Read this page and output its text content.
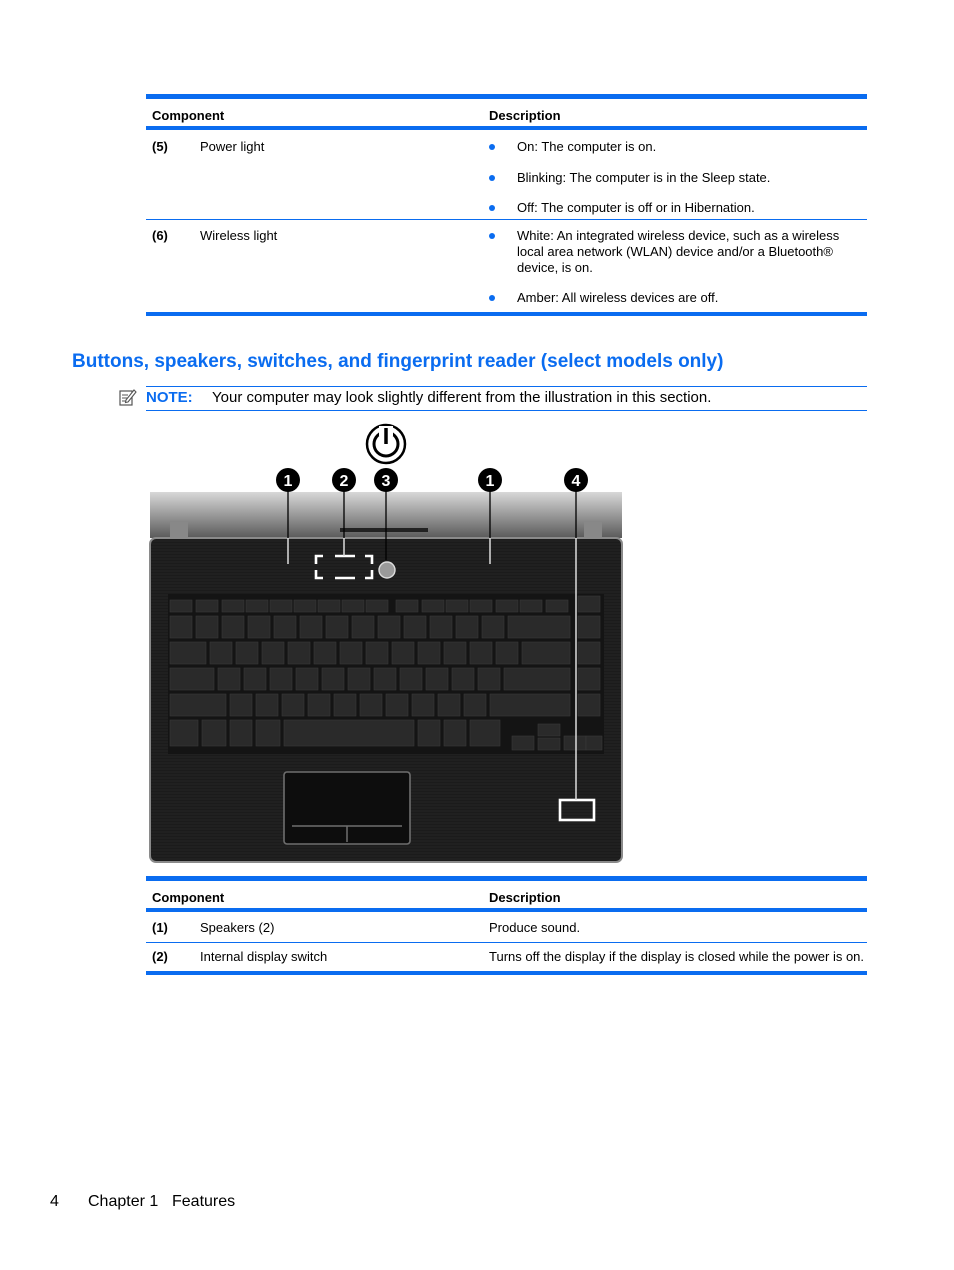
Component	Description
(5) Power light	On: The computer is on.
Blinking: The computer is in the Sleep state.
Off: The computer is off or in Hibernation.
(6) Wireless light	White: An integrated wireless device, such as a wireless local area network (WLAN) device and/or a Bluetooth® device, is on.
Amber: All wireless devices are off.
Buttons, speakers, switches, and fingerprint reader (select models only)
NOTE: Your computer may look slightly different from the illustration in this section.
1	2 3	1	4
Component	Description
(1) Speakers (2)	Produce sound.
(2) Internal display switch	Turns off the display if the display is closed while the power is on.
4 Chapter 1 Features
